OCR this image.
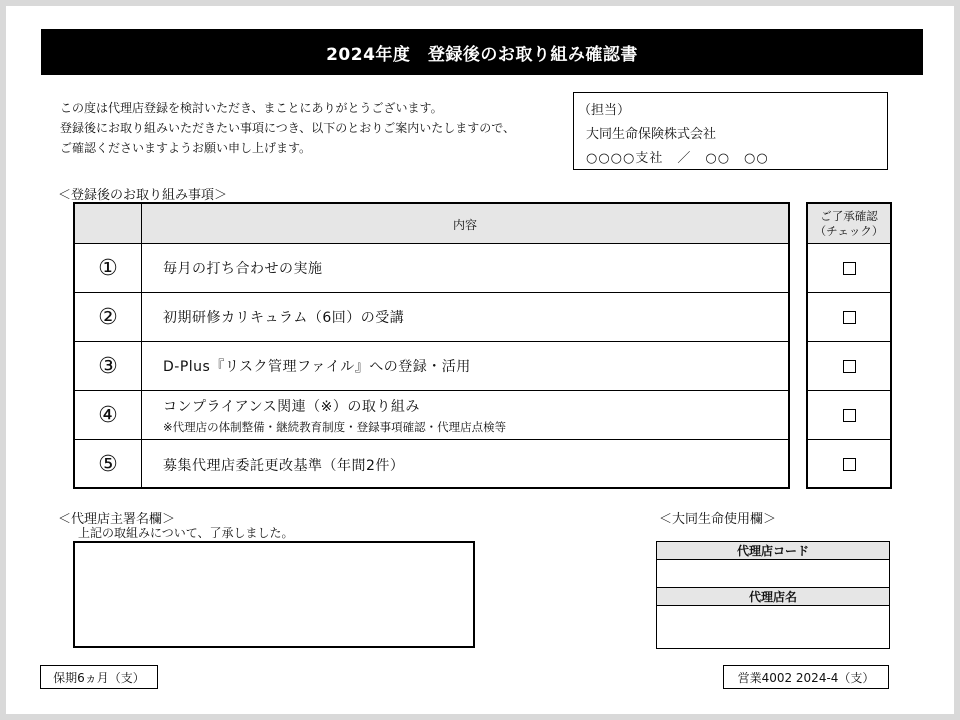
2024年度　登録後のお取り組み確認書

この度は代理店登録を検討いただき、まことにありがとうございます。

登録後にお取り組みいただきたい事項につき、以下のとおりご案内いたしますので、

ご確認くださいますようお願い申し上げます。

（担当）
大同生命保険株式会社
○○○○支社　／　○○　○○
＜登録後のお取り組み事項＞
内容
①	毎月の打ち合わせの実施
②	初期研修カリキュラム（6回）の受講
③	D-Plus『リスク管理ファイル』への登録・活用
④	コンプライアンス関連（※）の取り組み
※代理店の体制整備・継続教育制度・登録事項確認・代理店点検等
⑤	募集代理店委託更改基準（年間2件）
ご了承確認
（チェック）
＜代理店主署名欄＞
上記の取組みについて、了承しました。
＜大同生命使用欄＞
代理店コード
代理店名
保期6ヵ月（支）	営業4002 2024-4（支）
